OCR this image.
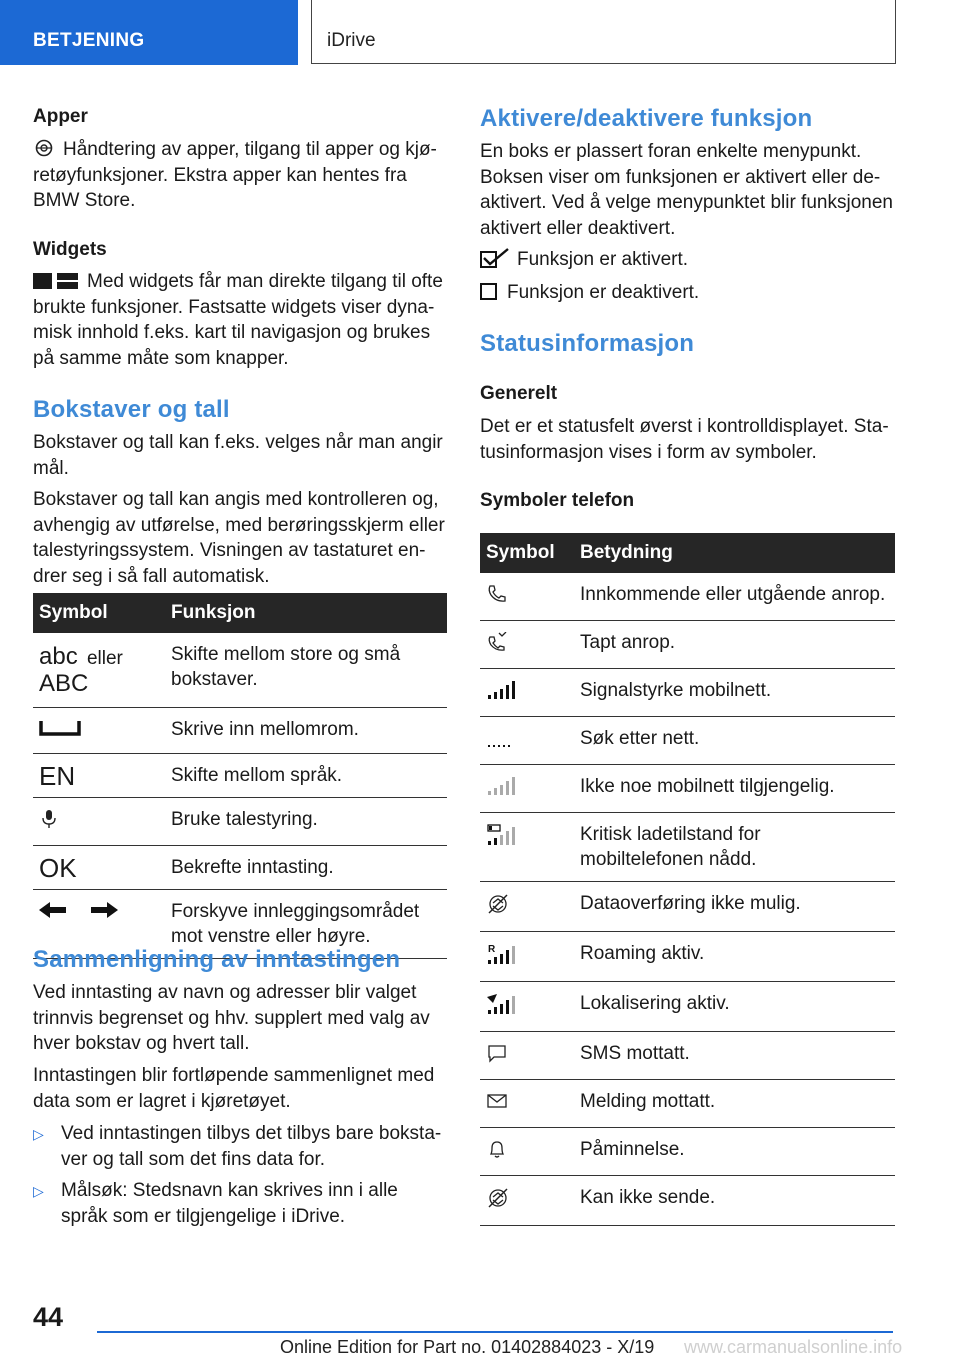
BETJENING	iDrive
Apper
Håndtering av apper, tilgang til apper og kjø-retøyfunksjoner. Ekstra apper kan hentes fra BMW Store.
Widgets
Med widgets får man direkte tilgang til ofte brukte funksjoner. Fastsatte widgets viser dyna-misk innhold f.eks. kart til navigasjon og brukes på samme måte som knapper.
Bokstaver og tall
Bokstaver og tall kan f.eks. velges når man angir mål.
Bokstaver og tall kan angis med kontrolleren og, avhengig av utførelse, med berøringsskjerm eller talestyringssystem. Visningen av tastaturet en-drer seg i så fall automatisk.
Symbol	Funksjon
abc eller
ABC	Skifte mellom store og små bokstaver.
	Skrive inn mellomrom.
EN	Skifte mellom språk.
	Bruke talestyring.
OK	Bekrefte inntasting.
	Forskyve innleggingsområdet mot venstre eller høyre.
Sammenligning av inntastingen
Ved inntasting av navn og adresser blir valget trinnvis begrenset og hhv. supplert med valg av hver bokstav og hvert tall.
Inntastingen blir fortløpende sammenlignet med data som er lagret i kjøretøyet.
▷ Ved inntastingen tilbys det tilbys bare boksta-ver og tall som det fins data for.
▷ Målsøk: Stedsnavn kan skrives inn i alle språk som er tilgjengelige i iDrive.
Aktivere/deaktivere funksjon
En boks er plassert foran enkelte menypunkt. Boksen viser om funksjonen er aktivert eller de-aktivert. Ved å velge menypunktet blir funksjonen aktivert eller deaktivert.
Funksjon er aktivert.
Funksjon er deaktivert.
Statusinformasjon
Generelt
Det er et statusfelt øverst i kontrolldisplayet. Sta-tusinformasjon vises i form av symboler.
Symboler telefon
Symbol	Betydning
	Innkommende eller utgående anrop.
	Tapt anrop.
	Signalstyrke mobilnett.
	Søk etter nett.
	Ikke noe mobilnett tilgjengelig.
	Kritisk ladetilstand for mobiltelefonen nådd.
	Dataoverføring ikke mulig.

R	Roaming aktiv.
	Lokalisering aktiv.
	SMS mottatt.
	Melding mottatt.
	Påminnelse.
	Kan ikke sende.
44
Online Edition for Part no. 01402884023 - X/19 www.carmanualsonline.info
